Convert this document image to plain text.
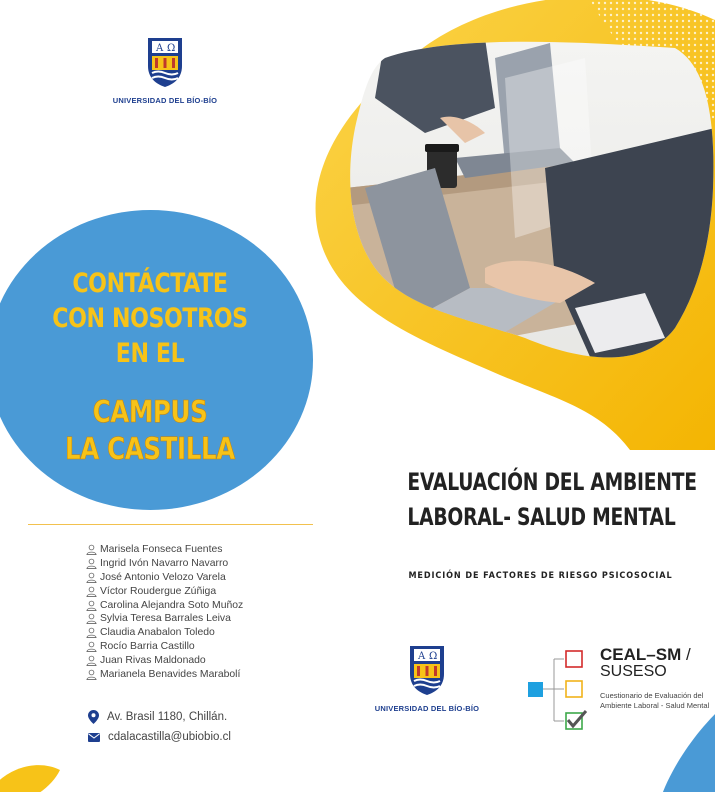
A Ω
UNIVERSIDAD DEL BÍO-BÍO
CONTÁCTATE
CON NOSOTROS
EN EL
CAMPUS
LA CASTILLA
Marisela Fonseca Fuentes
Ingrid Ivón Navarro Navarro
José Antonio Velozo Varela
Víctor Roudergue Zúñiga
Carolina Alejandra Soto Muñoz
Sylvia Teresa Barrales Leiva
Claudia Anabalon Toledo
Rocío Barria Castillo
Juan Rivas Maldonado
Marianela Benavides Marabolí
Av. Brasil 1180, Chillán.
cdalacastilla@ubiobio.cl
EVALUACIÓN DEL AMBIENTE
LABORAL- SALUD MENTAL
MEDICIÓN DE FACTORES DE RIESGO PSICOSOCIAL
A Ω
UNIVERSIDAD DEL BÍO-BÍO
CEAL–SM /
SUSESO
Cuestionario de Evaluación del Ambiente Laboral - Salud Mental
